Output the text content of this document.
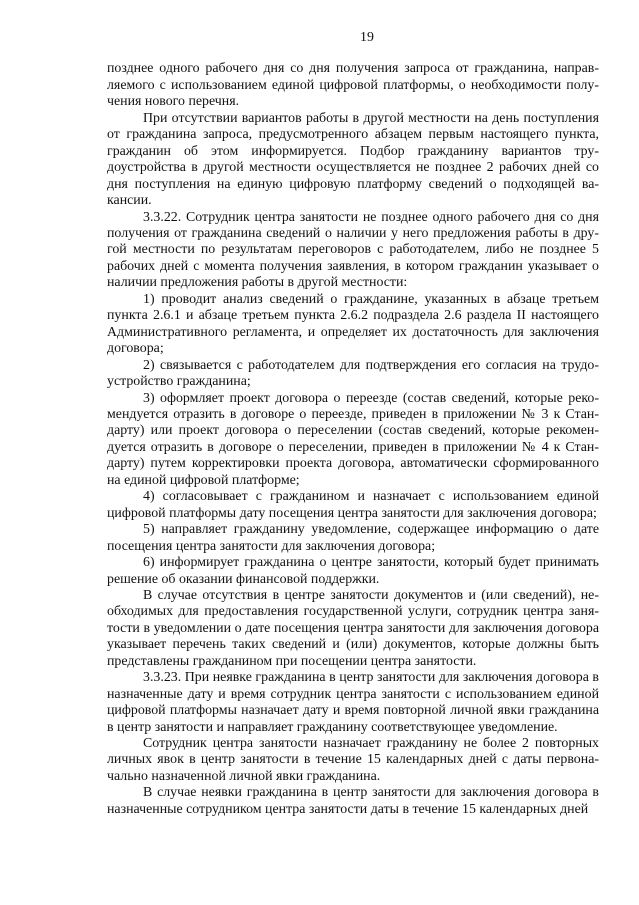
19

позднее одного рабочего дня со дня получения запроса от гражданина, направляемого с использованием единой цифровой платформы, о необходимости получения нового перечня.

При отсутствии вариантов работы в другой местности на день поступления от гражданина запроса, предусмотренного абзацем первым настоящего пункта, гражданин об этом информируется. Подбор гражданину вариантов трудоустройства в другой местности осуществляется не позднее 2 рабочих дней со дня поступления на единую цифровую платформу сведений о подходящей вакансии.

3.3.22. Сотрудник центра занятости не позднее одного рабочего дня со дня получения от гражданина сведений о наличии у него предложения работы в другой местности по результатам переговоров с работодателем, либо не позднее 5 рабочих дней с момента получения заявления, в котором гражданин указывает о наличии предложения работы в другой местности:

1) проводит анализ сведений о гражданине, указанных в абзаце третьем пункта 2.6.1 и абзаце третьем пункта 2.6.2 подраздела 2.6 раздела II настоящего Административного регламента, и определяет их достаточность для заключения договора;

2) связывается с работодателем для подтверждения его согласия на трудоустройство гражданина;

3) оформляет проект договора о переезде (состав сведений, которые рекомендуется отразить в договоре о переезде, приведен в приложении № 3 к Стандарту) или проект договора о переселении (состав сведений, которые рекомендуется отразить в договоре о переселении, приведен в приложении № 4 к Стандарту) путем корректировки проекта договора, автоматически сформированного на единой цифровой платформе;

4) согласовывает с гражданином и назначает с использованием единой цифровой платформы дату посещения центра занятости для заключения договора;

5) направляет гражданину уведомление, содержащее информацию о дате посещения центра занятости для заключения договора;

6) информирует гражданина о центре занятости, который будет принимать решение об оказании финансовой поддержки.

В случае отсутствия в центре занятости документов и (или сведений), необходимых для предоставления государственной услуги, сотрудник центра занятости в уведомлении о дате посещения центра занятости для заключения договора указывает перечень таких сведений и (или) документов, которые должны быть представлены гражданином при посещении центра занятости.

3.3.23. При неявке гражданина в центр занятости для заключения договора в назначенные дату и время сотрудник центра занятости с использованием единой цифровой платформы назначает дату и время повторной личной явки гражданина в центр занятости и направляет гражданину соответствующее уведомление.

Сотрудник центра занятости назначает гражданину не более 2 повторных личных явок в центр занятости в течение 15 календарных дней с даты первоначально назначенной личной явки гражданина.

В случае неявки гражданина в центр занятости для заключения договора в назначенные сотрудником центра занятости даты в течение 15 календарных дней
